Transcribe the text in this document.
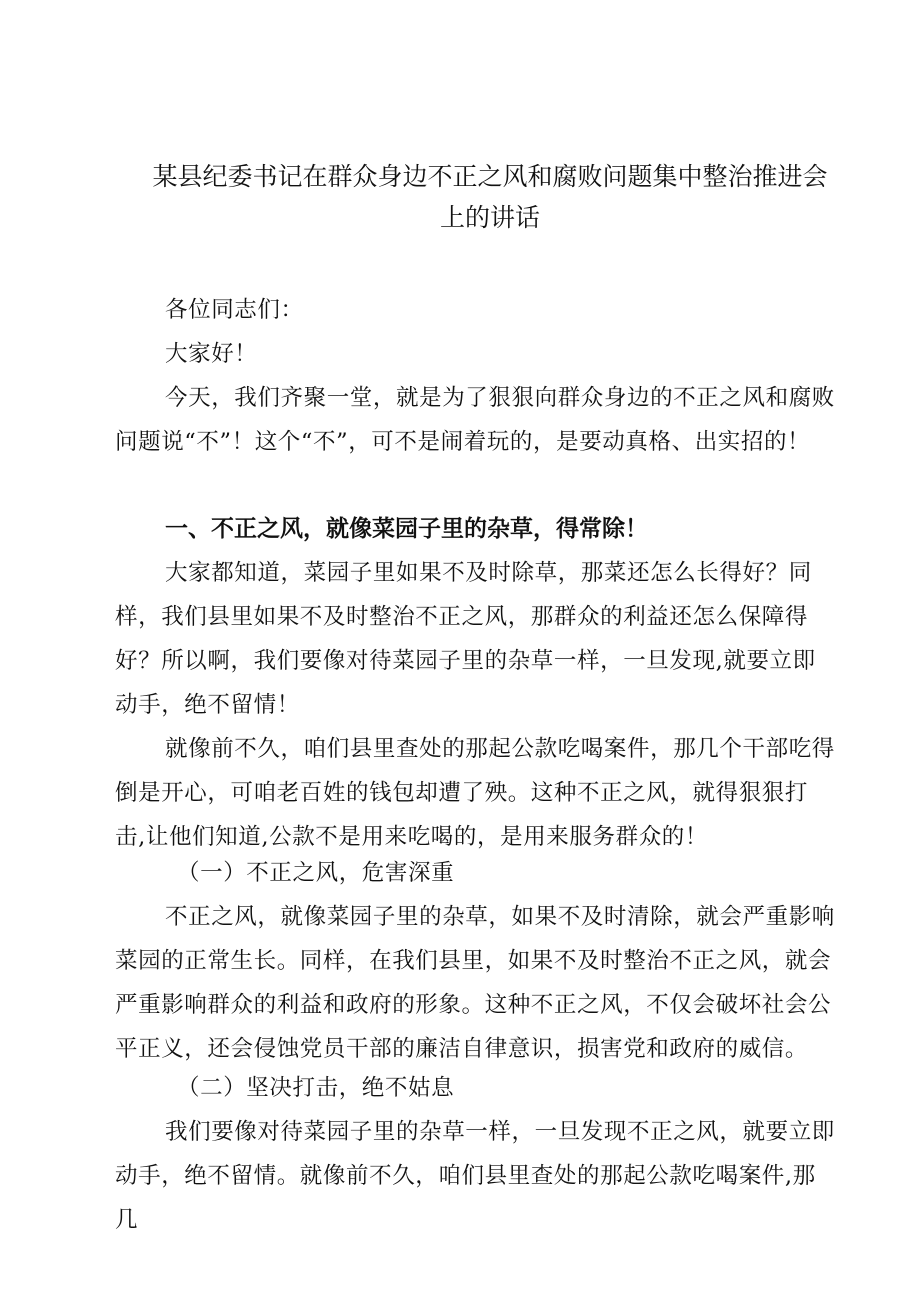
某县纪委书记在群众身边不正之风和腐败问题集中整治推进会上的讲话

各位同志们：

大家好！

今天，我们齐聚一堂，就是为了狠狠向群众身边的不正之风和腐败问题说“不”！这个“不”，可不是闹着玩的，是要动真格、出实招的！

一、不正之风，就像菜园子里的杂草，得常除！

大家都知道，菜园子里如果不及时除草，那菜还怎么长得好？同样，我们县里如果不及时整治不正之风，那群众的利益还怎么保障得好？所以啊，我们要像对待菜园子里的杂草一样，一旦发现,就要立即动手，绝不留情！

就像前不久，咱们县里查处的那起公款吃喝案件，那几个干部吃得倒是开心，可咱老百姓的钱包却遭了殃。这种不正之风，就得狠狠打击,让他们知道,公款不是用来吃喝的，是用来服务群众的！

（一）不正之风，危害深重

不正之风，就像菜园子里的杂草，如果不及时清除，就会严重影响菜园的正常生长。同样，在我们县里，如果不及时整治不正之风，就会严重影响群众的利益和政府的形象。这种不正之风，不仅会破坏社会公平正义，还会侵蚀党员干部的廉洁自律意识，损害党和政府的威信。

（二）坚决打击，绝不姑息

我们要像对待菜园子里的杂草一样，一旦发现不正之风，就要立即动手，绝不留情。就像前不久，咱们县里查处的那起公款吃喝案件,那几
